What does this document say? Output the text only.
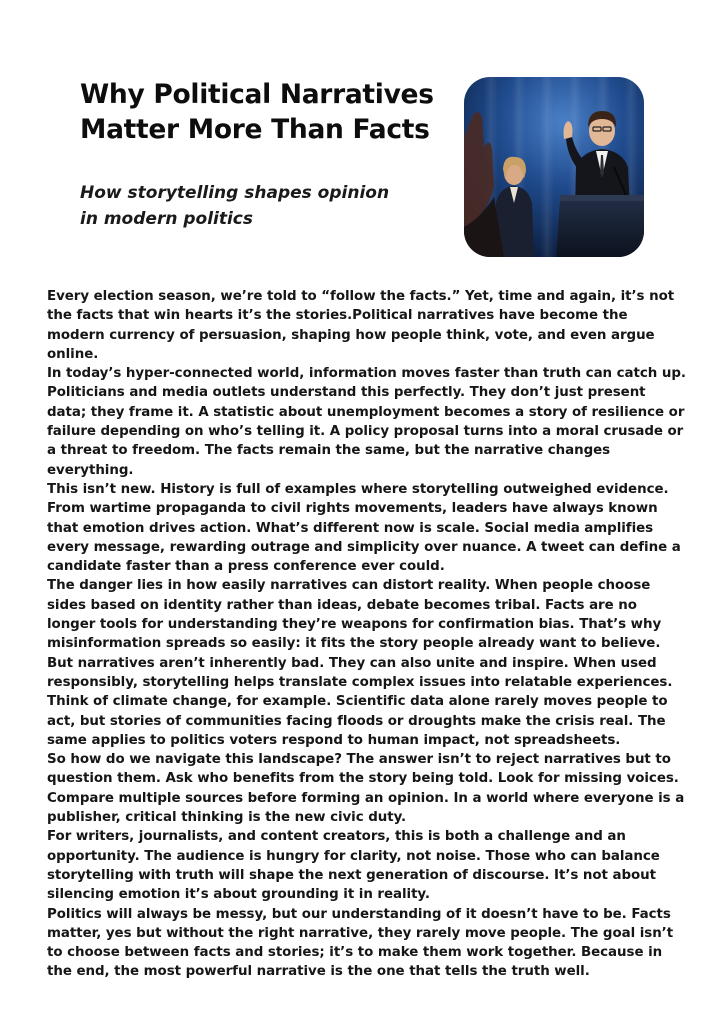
Why Political Narratives Matter More Than Facts

How storytelling shapes opinion in modern politics

Every election season, we’re told to “follow the facts.” Yet, time and again, it’s not the facts that win hearts it’s the stories.Political narratives have become the modern currency of persuasion, shaping how people think, vote, and even argue online.

In today’s hyper-connected world, information moves faster than truth can catch up. Politicians and media outlets understand this perfectly. They don’t just present data; they frame it. A statistic about unemployment becomes a story of resilience or failure depending on who’s telling it. A policy proposal turns into a moral crusade or a threat to freedom. The facts remain the same, but the narrative changes everything.

This isn’t new. History is full of examples where storytelling outweighed evidence. From wartime propaganda to civil rights movements, leaders have always known that emotion drives action. What’s different now is scale. Social media amplifies every message, rewarding outrage and simplicity over nuance. A tweet can define a candidate faster than a press conference ever could.

The danger lies in how easily narratives can distort reality. When people choose sides based on identity rather than ideas, debate becomes tribal. Facts are no longer tools for understanding they’re weapons for confirmation bias. That’s why misinformation spreads so easily: it fits the story people already want to believe.

But narratives aren’t inherently bad. They can also unite and inspire. When used responsibly, storytelling helps translate complex issues into relatable experiences. Think of climate change, for example. Scientific data alone rarely moves people to act, but stories of communities facing floods or droughts make the crisis real. The same applies to politics voters respond to human impact, not spreadsheets.

So how do we navigate this landscape? The answer isn’t to reject narratives but to question them. Ask who benefits from the story being told. Look for missing voices. Compare multiple sources before forming an opinion. In a world where everyone is a publisher, critical thinking is the new civic duty.

For writers, journalists, and content creators, this is both a challenge and an opportunity. The audience is hungry for clarity, not noise. Those who can balance storytelling with truth will shape the next generation of discourse. It’s not about silencing emotion it’s about grounding it in reality.

Politics will always be messy, but our understanding of it doesn’t have to be. Facts matter, yes but without the right narrative, they rarely move people. The goal isn’t to choose between facts and stories; it’s to make them work together. Because in the end, the most powerful narrative is the one that tells the truth well.
